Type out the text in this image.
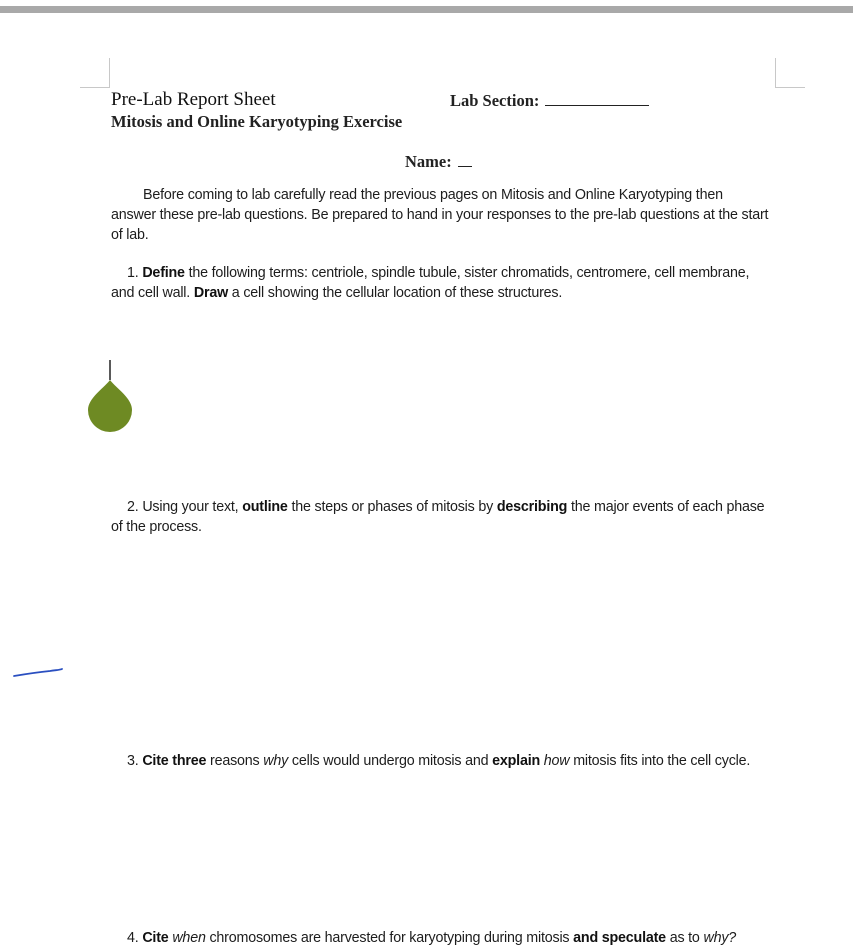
Pre-Lab Report Sheet
Mitosis and Online Karyotyping Exercise
Lab Section:
Name:
Before coming to lab carefully read the previous pages on Mitosis and Online Karyotyping then answer these pre-lab questions. Be prepared to hand in your responses to the pre-lab questions at the start of lab.
1. Define the following terms: centriole, spindle tubule, sister chromatids, centromere, cell membrane, and cell wall. Draw a cell showing the cellular location of these structures.
2. Using your text, outline the steps or phases of mitosis by describing the major events of each phase of the process.
3. Cite three reasons why cells would undergo mitosis and explain how mitosis fits into the cell cycle.
4. Cite when chromosomes are harvested for karyotyping during mitosis and speculate as to why?
